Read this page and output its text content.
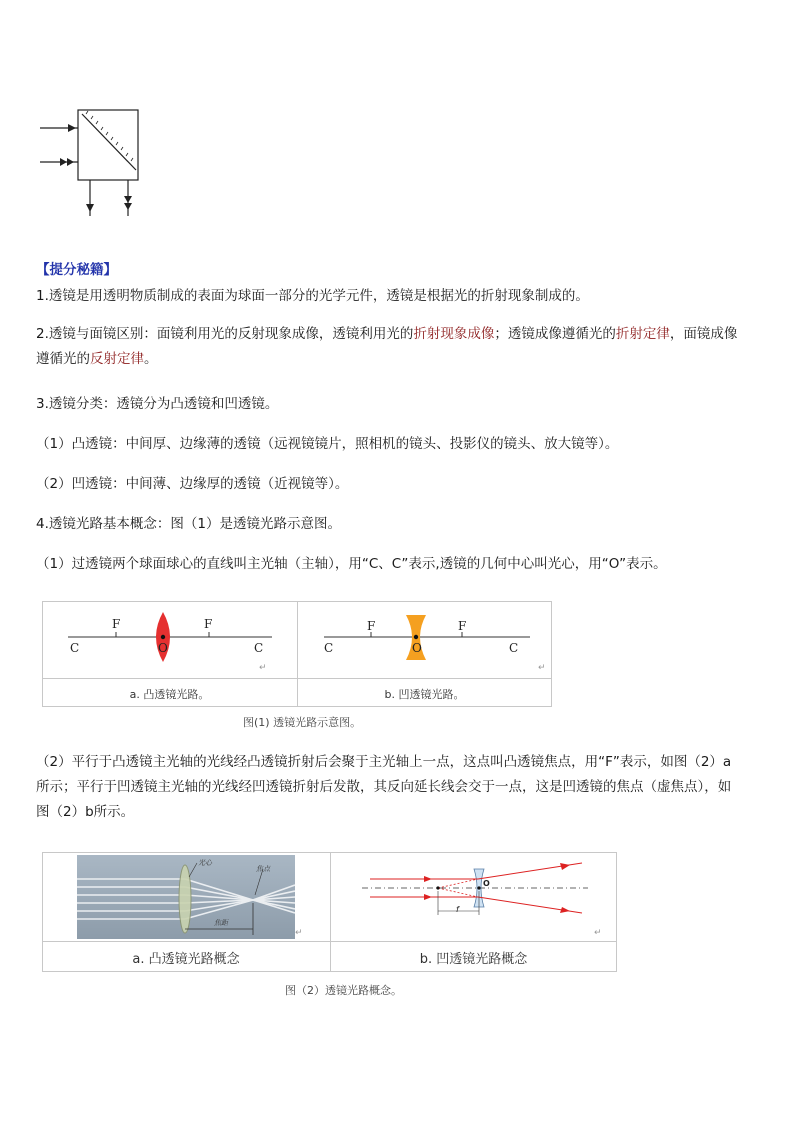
【提分秘籍】
1.透镜是用透明物质制成的表面为球面一部分的光学元件，透镜是根据光的折射现象制成的。
2.透镜与面镜区别：面镜利用光的反射现象成像，透镜利用光的折射现象成像；透镜成像遵循光的折射定律，面镜成像
遵循光的反射定律。
3.透镜分类：透镜分为凸透镜和凹透镜。
（1）凸透镜：中间厚、边缘薄的透镜（远视镜镜片，照相机的镜头、投影仪的镜头、放大镜等）。
（2）凹透镜：中间薄、边缘厚的透镜（近视镜等）。
4.透镜光路基本概念：图（1）是透镜光路示意图。
（1）过透镜两个球面球心的直线叫主光轴（主轴），用“C、C”表示,透镜的几何中心叫光心，用“O”表示。
F	F
C	C
O
↵
F	F
C	C
O
↵
a. 凸透镜光路。	b. 凹透镜光路。
图(1) 透镜光路示意图。
（2）平行于凸透镜主光轴的光线经凸透镜折射后会聚于主光轴上一点，这点叫凸透镜焦点，用“F”表示，如图（2）a
所示；平行于凹透镜主光轴的光线经凹透镜折射后发散，其反向延长线会交于一点，这是凹透镜的焦点（虚焦点），如
图（2）b所示。
光心
焦点
焦距
↵
O
f
↵
a. 凸透镜光路概念	b. 凹透镜光路概念
图（2）透镜光路概念。
